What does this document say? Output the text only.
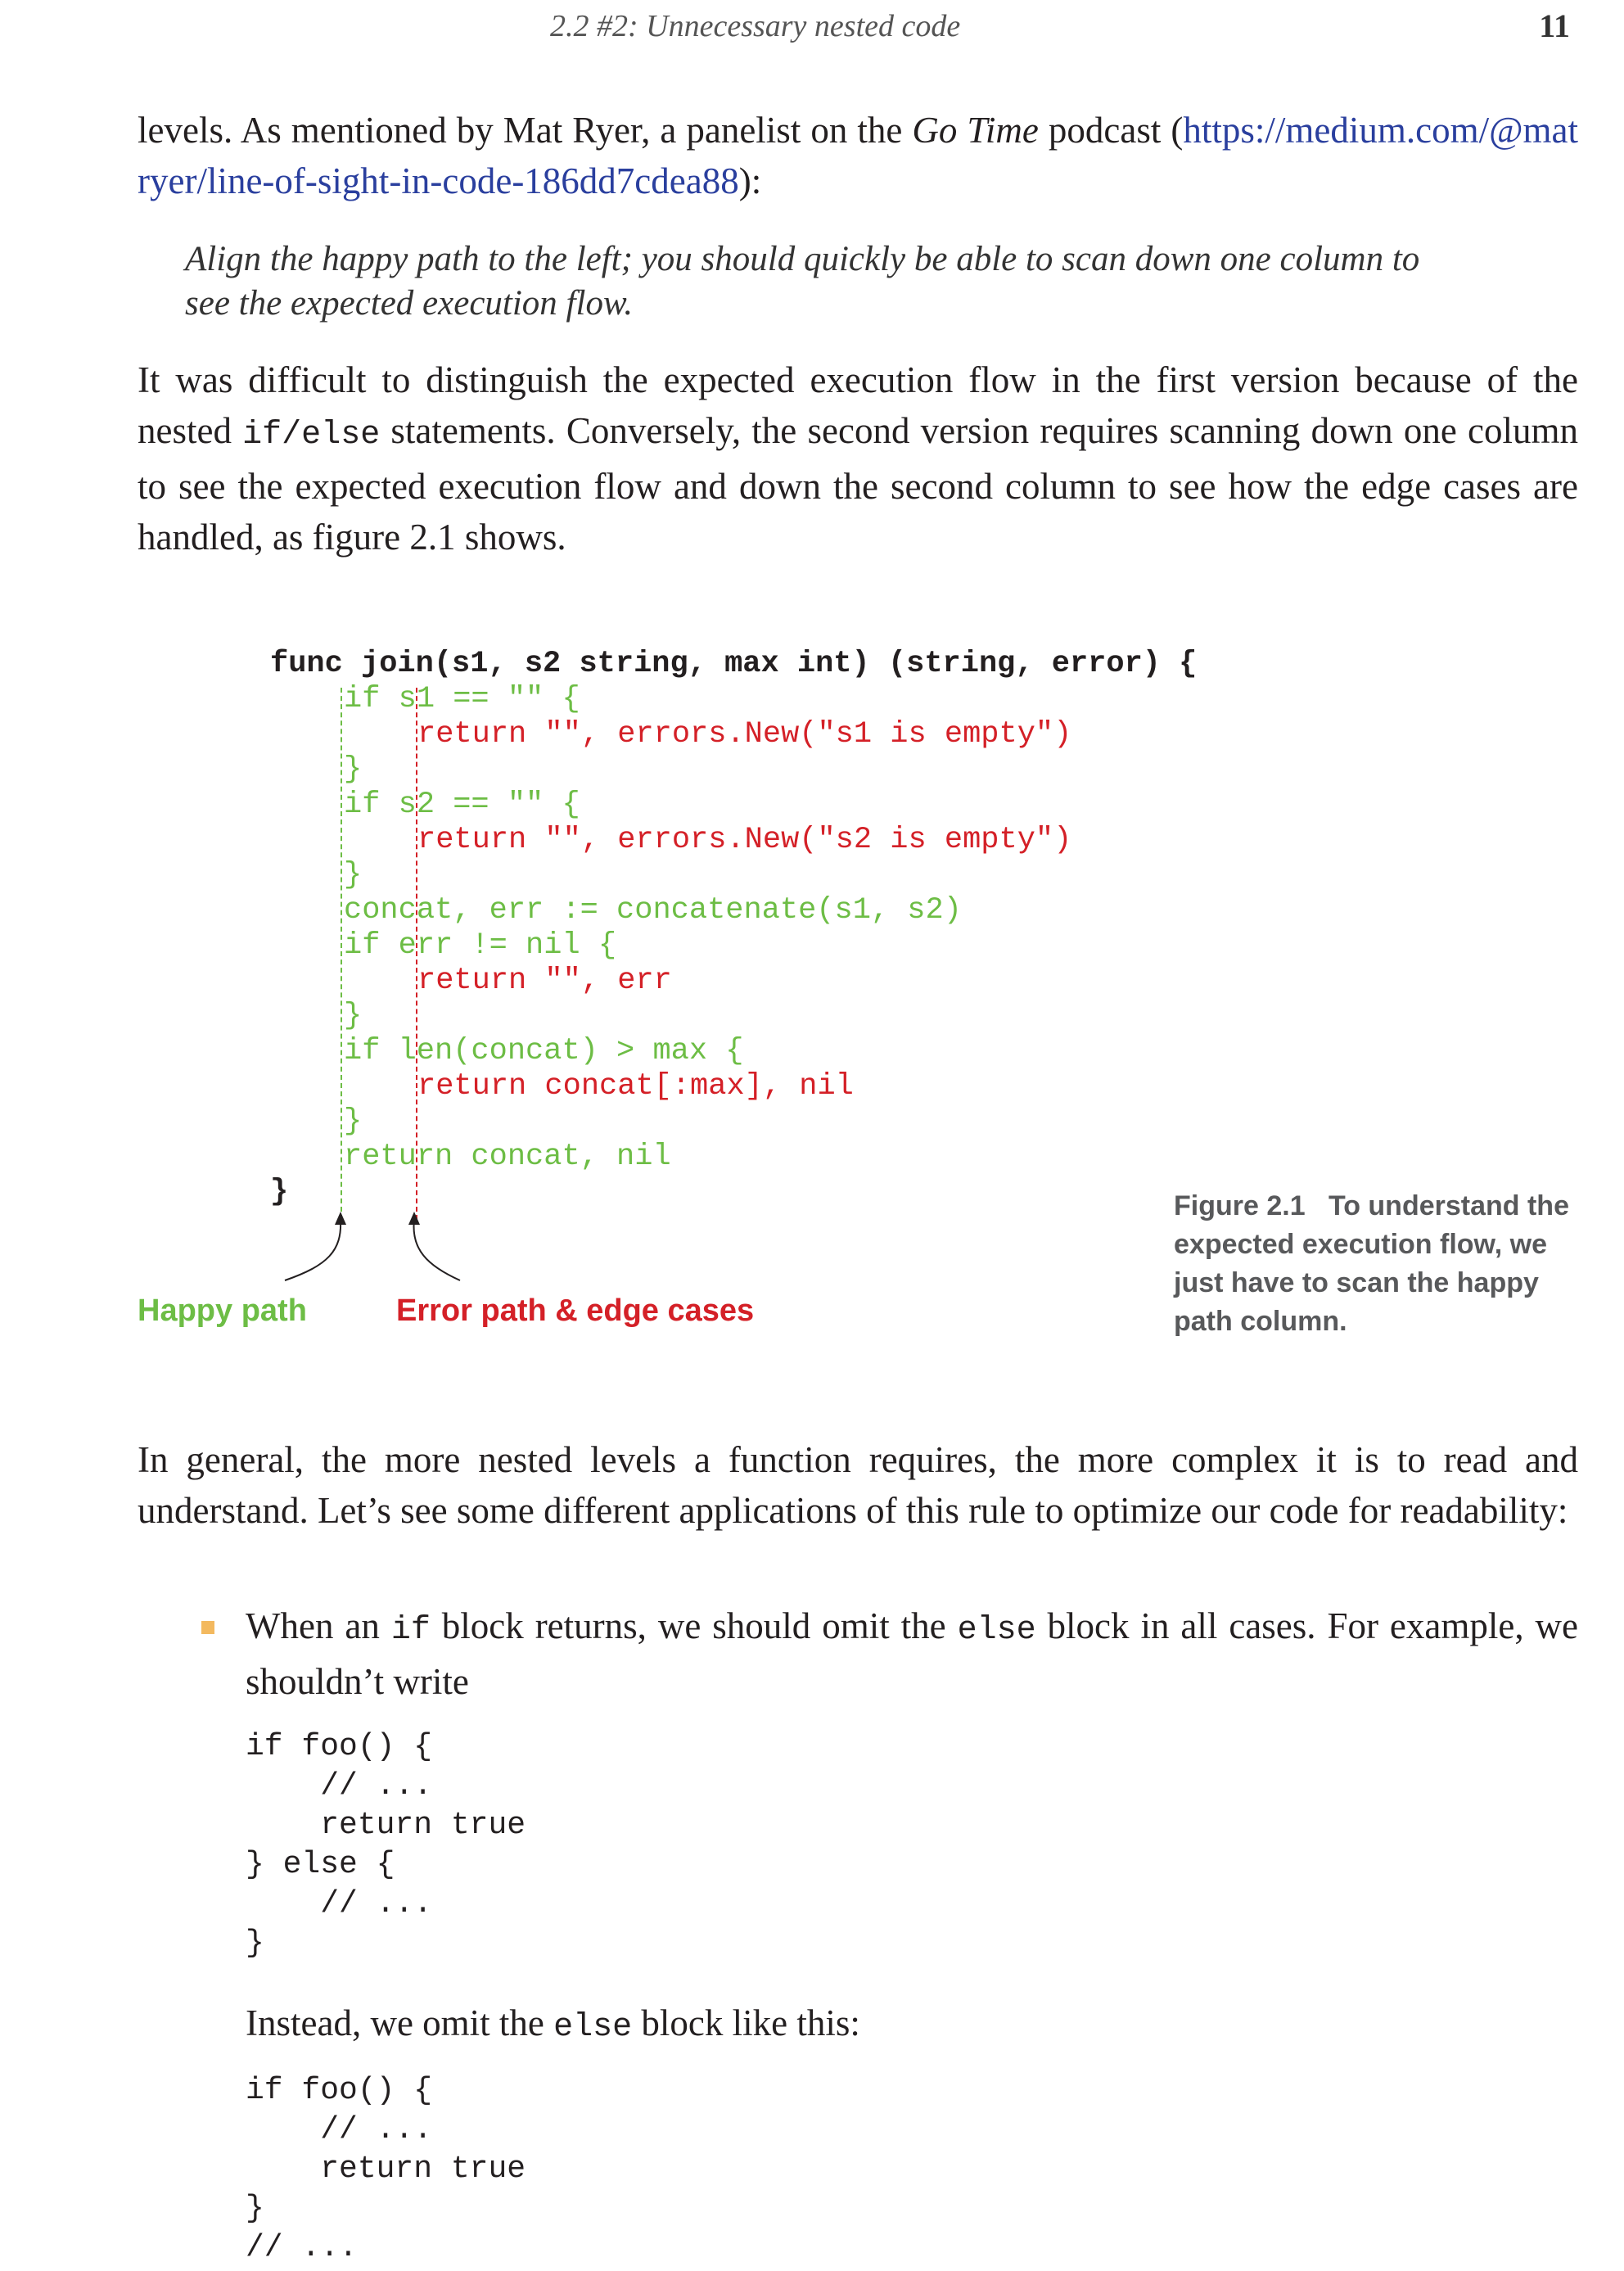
2.2 #2: Unnecessary nested code	11
levels. As mentioned by Mat Ryer, a panelist on the Go Time podcast (https://medium.com/@matryer/line-of-sight-in-code-186dd7cdea88):
Align the happy path to the left; you should quickly be able to scan down one column to see the expected execution flow.
It was difficult to distinguish the expected execution flow in the first version because of the nested if/else statements. Conversely, the second version requires scanning down one column to see the expected execution flow and down the second column to see how the edge cases are handled, as figure 2.1 shows.
func join(s1, s2 string, max int) (string, error) {
if s1 == "" {
return "", errors.New("s1 is empty")
}
if s2 == "" {
return "", errors.New("s2 is empty")
}
concat, err := concatenate(s1, s2)
if err != nil {
return "", err
}
if len(concat) > max {
return concat[:max], nil
}
return concat, nil
}
Happy path	Error path & edge cases
Figure 2.1 To understand the expected execution flow, we just have to scan the happy path column.
In general, the more nested levels a function requires, the more complex it is to read and understand. Let’s see some different applications of this rule to optimize our code for readability:
When an if block returns, we should omit the else block in all cases. For example, we shouldn’t write
if foo() {
// ...
return true
} else {
// ...
}
Instead, we omit the else block like this:
if foo() {
// ...
return true
}
// ...
